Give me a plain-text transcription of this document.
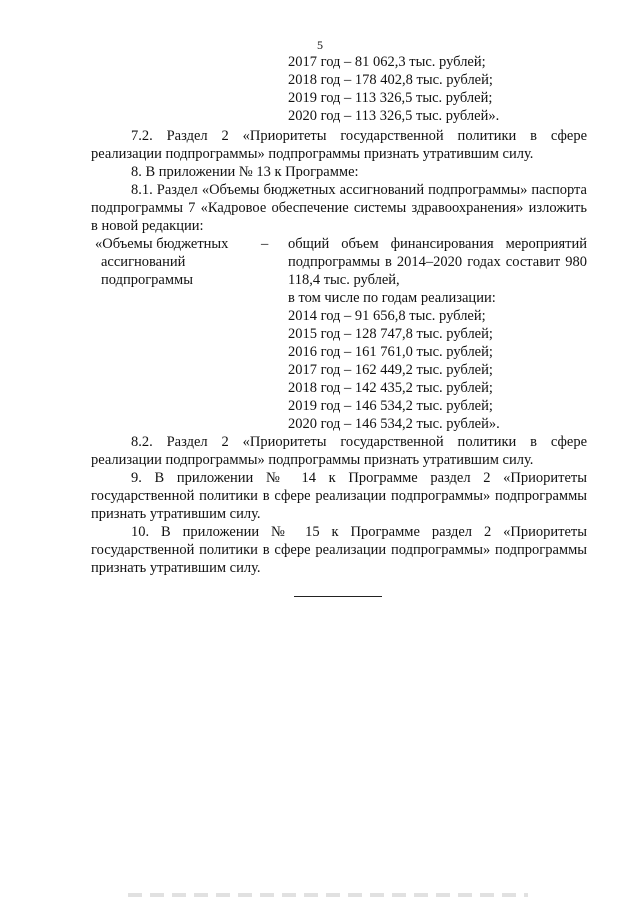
5
2017 год – 81 062,3 тыс. рублей;
2018 год – 178 402,8 тыс. рублей;
2019 год – 113 326,5 тыс. рублей;
2020 год – 113 326,5 тыс. рублей».
7.2. Раздел 2 «Приоритеты государственной политики в сфере реализации подпрограммы» подпрограммы признать утратившим силу.
8. В приложении № 13 к Программе:
8.1. Раздел «Объемы бюджетных ассигнований подпрограммы» паспорта подпрограммы 7 «Кадровое обеспечение системы здравоохранения» изложить в новой редакции:
«Объемы бюджетных
ассигнований
подпрограммы
– общий объем финансирования мероприятий подпрограммы в 2014–2020 годах составит 980 118,4 тыс. рублей,
в том числе по годам реализации:
2014 год – 91 656,8 тыс. рублей;
2015 год – 128 747,8 тыс. рублей;
2016 год – 161 761,0 тыс. рублей;
2017 год – 162 449,2 тыс. рублей;
2018 год – 142 435,2 тыс. рублей;
2019 год – 146 534,2 тыс. рублей;
2020 год – 146 534,2 тыс. рублей».
8.2. Раздел 2 «Приоритеты государственной политики в сфере реализации подпрограммы» подпрограммы признать утратившим силу.
9. В приложении № 14 к Программе раздел 2 «Приоритеты государственной политики в сфере реализации подпрограммы» подпрограммы признать утратившим силу.
10. В приложении № 15 к Программе раздел 2 «Приоритеты государственной политики в сфере реализации подпрограммы» подпрограммы признать утратившим силу.
